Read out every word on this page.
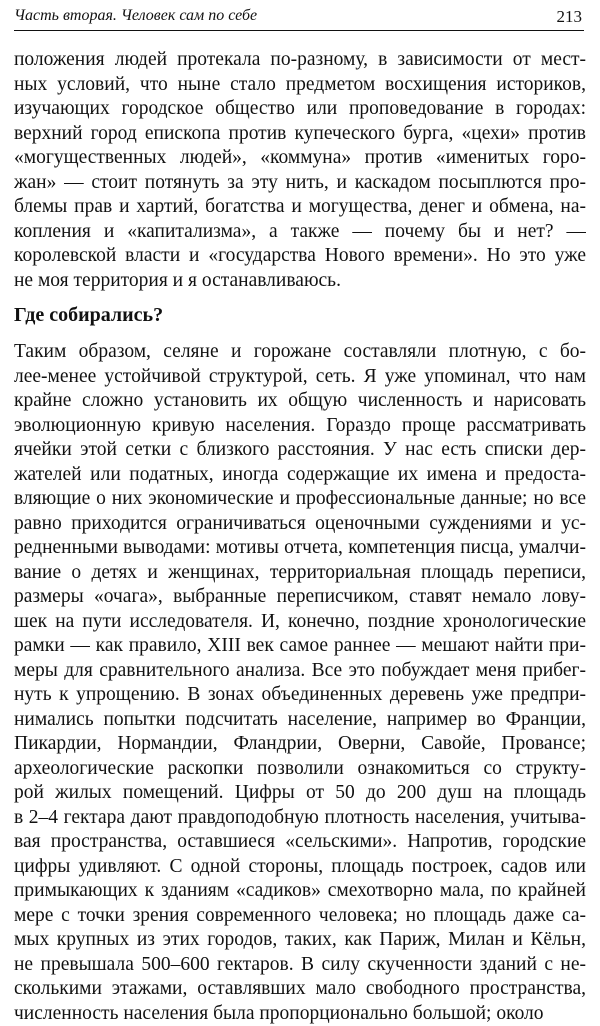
Часть вторая. Человек сам по себе	213
положения людей протекала по-разному, в зависимости от мест-
ных условий, что ныне стало предметом восхищения историков,
изучающих городское общество или проповедование в городах:
верхний город епископа против купеческого бурга, «цехи» против
«могущественных людей», «коммуна» против «именитых горо-
жан» — стоит потянуть за эту нить, и каскадом посыплются про-
блемы прав и хартий, богатства и могущества, денег и обмена, на-
копления и «капитализма», а также — почему бы и нет? —
королевской власти и «государства Нового времени». Но это уже
не моя территория и я останавливаюсь.
Где собирались?
Таким образом, селяне и горожане составляли плотную, с бо-
лее-менее устойчивой структурой, сеть. Я уже упоминал, что нам
крайне сложно установить их общую численность и нарисовать
эволюционную кривую населения. Гораздо проще рассматривать
ячейки этой сетки с близкого расстояния. У нас есть списки дер-
жателей или податных, иногда содержащие их имена и предоста-
вляющие о них экономические и профессиональные данные; но все
равно приходится ограничиваться оценочными суждениями и ус-
редненными выводами: мотивы отчета, компетенция писца, умалчи-
вание о детях и женщинах, территориальная площадь переписи,
размеры «очага», выбранные переписчиком, ставят немало лову-
шек на пути исследователя. И, конечно, поздние хронологические
рамки — как правило, XIII век самое раннее — мешают найти при-
меры для сравнительного анализа. Все это побуждает меня прибег-
нуть к упрощению. В зонах объединенных деревень уже предпри-
нимались попытки подсчитать население, например во Франции,
Пикардии, Нормандии, Фландрии, Оверни, Савойе, Провансе;
археологические раскопки позволили ознакомиться со структу-
рой жилых помещений. Цифры от 50 до 200 душ на площадь
в 2–4 гектара дают правдоподобную плотность населения, учитыва-
вая пространства, оставшиеся «сельскими». Напротив, городские
цифры удивляют. С одной стороны, площадь построек, садов или
примыкающих к зданиям «садиков» смехотворно мала, по крайней
мере с точки зрения современного человека; но площадь даже са-
мых крупных из этих городов, таких, как Париж, Милан и Кёльн,
не превышала 500–600 гектаров. В силу скученности зданий с не-
сколькими этажами, оставлявших мало свободного пространства,
численность населения была пропорционально большой; около
